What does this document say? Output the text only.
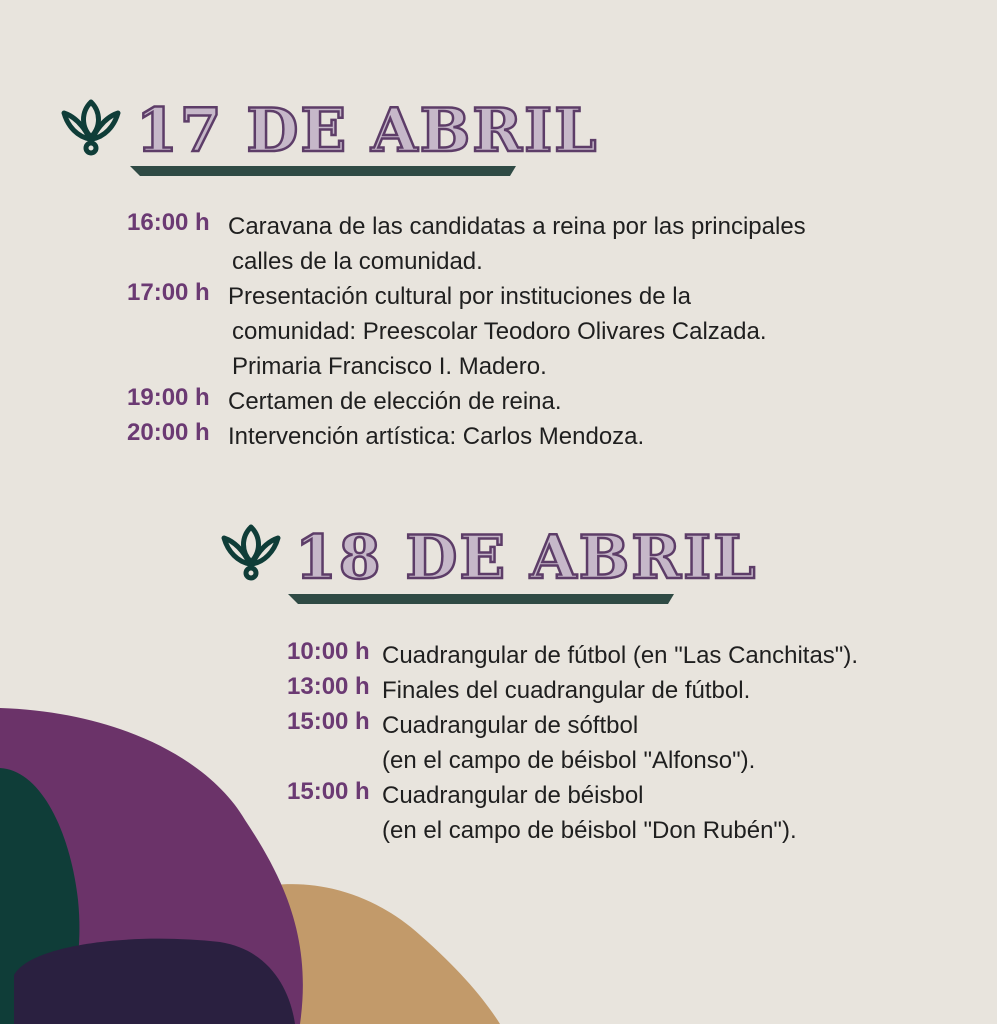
17 DE ABRIL
16:00 h Caravana de las candidatas a reina por las principales
calles de la comunidad.
17:00 h Presentación cultural por instituciones de la
comunidad: Preescolar Teodoro Olivares Calzada.
Primaria Francisco I. Madero.
19:00 h Certamen de elección de reina.
20:00 h Intervención artística: Carlos Mendoza.
18 DE ABRIL
10:00 h Cuadrangular de fútbol (en "Las Canchitas").
13:00 h Finales del cuadrangular de fútbol.
15:00 h Cuadrangular de sóftbol
(en el campo de béisbol "Alfonso").
15:00 h Cuadrangular de béisbol
(en el campo de béisbol "Don Rubén").
